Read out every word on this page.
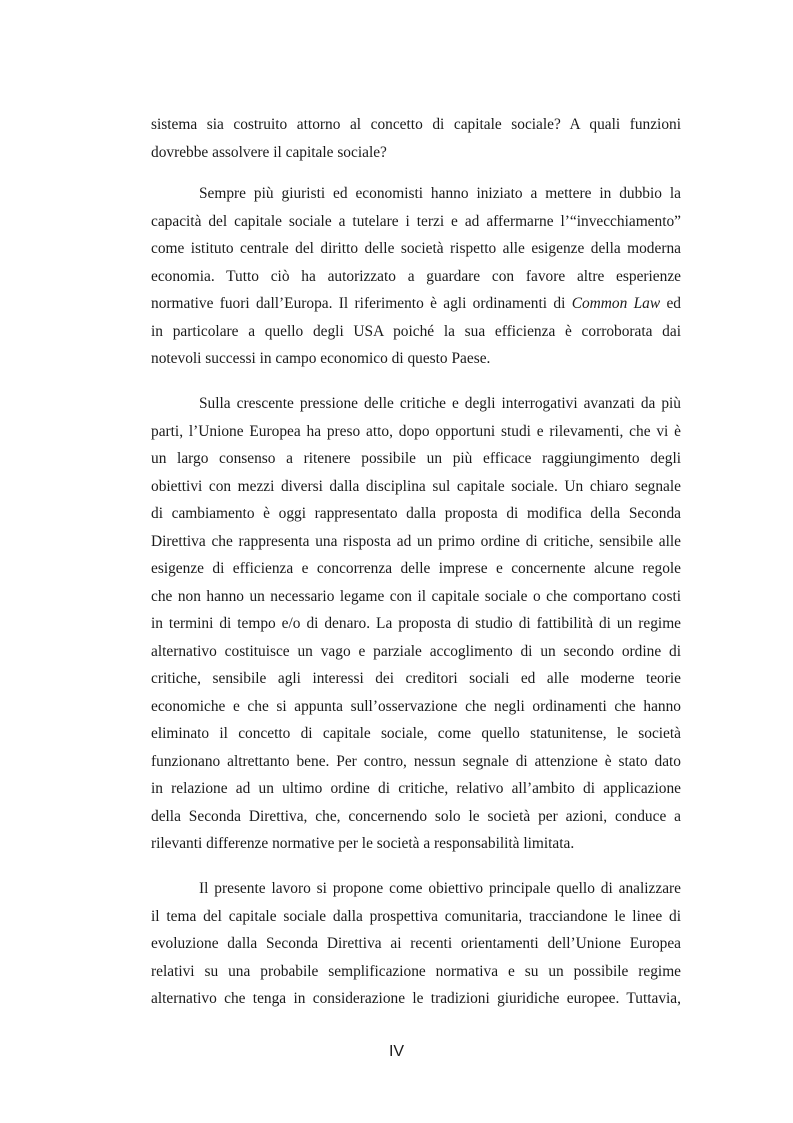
sistema sia costruito attorno al concetto di capitale sociale? A quali funzioni
dovrebbe assolvere il capitale sociale?
Sempre più giuristi ed economisti hanno iniziato a mettere in dubbio la
capacità del capitale sociale a tutelare i terzi e ad affermarne l’“invecchiamento”
come istituto centrale del diritto delle società rispetto alle esigenze della moderna
economia. Tutto ciò ha autorizzato a guardare con favore altre esperienze
normative fuori dall’Europa. Il riferimento è agli ordinamenti di Common Law ed
in particolare a quello degli USA poiché la sua efficienza è corroborata dai
notevoli successi in campo economico di questo Paese.
Sulla crescente pressione delle critiche e degli interrogativi avanzati da più
parti, l’Unione Europea ha preso atto, dopo opportuni studi e rilevamenti, che vi è
un largo consenso a ritenere possibile un più efficace raggiungimento degli
obiettivi con mezzi diversi dalla disciplina sul capitale sociale. Un chiaro segnale
di cambiamento è oggi rappresentato dalla proposta di modifica della Seconda
Direttiva che rappresenta una risposta ad un primo ordine di critiche, sensibile alle
esigenze di efficienza e concorrenza delle imprese e concernente alcune regole
che non hanno un necessario legame con il capitale sociale o che comportano costi
in termini di tempo e/o di denaro. La proposta di studio di fattibilità di un regime
alternativo costituisce un vago e parziale accoglimento di un secondo ordine di
critiche, sensibile agli interessi dei creditori sociali ed alle moderne teorie
economiche e che si appunta sull’osservazione che negli ordinamenti che hanno
eliminato il concetto di capitale sociale, come quello statunitense, le società
funzionano altrettanto bene. Per contro, nessun segnale di attenzione è stato dato
in relazione ad un ultimo ordine di critiche, relativo all’ambito di applicazione
della Seconda Direttiva, che, concernendo solo le società per azioni, conduce a
rilevanti differenze normative per le società a responsabilità limitata.
Il presente lavoro si propone come obiettivo principale quello di analizzare
il tema del capitale sociale dalla prospettiva comunitaria, tracciandone le linee di
evoluzione dalla Seconda Direttiva ai recenti orientamenti dell’Unione Europea
relativi su una probabile semplificazione normativa e su un possibile regime
alternativo che tenga in considerazione le tradizioni giuridiche europee. Tuttavia,
IV
